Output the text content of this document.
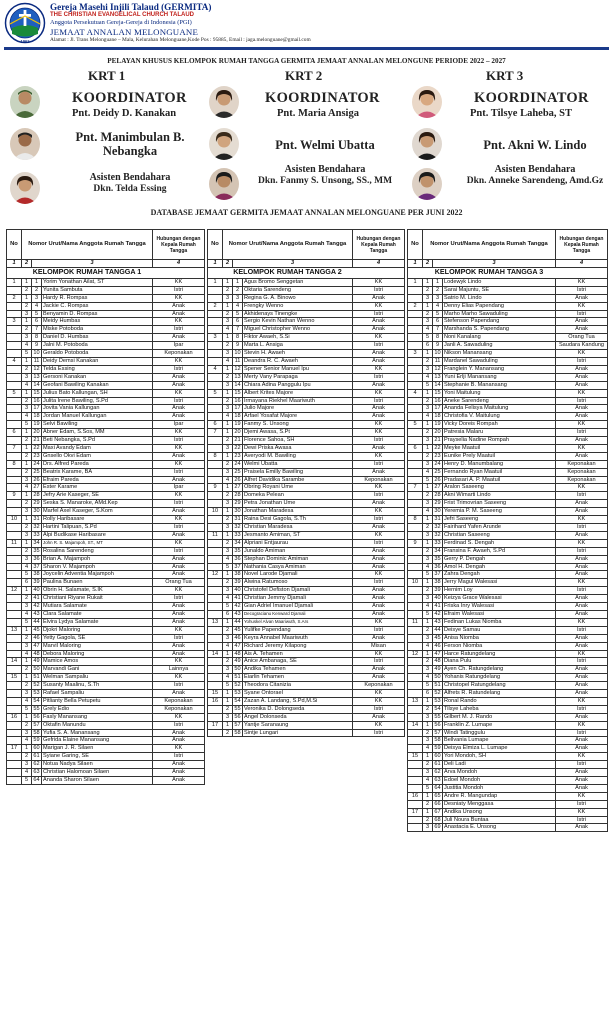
1962
Gereja Masehi Injili Talaud (GERMITA)
THE CHRISTIAN EVANGELICAL CHURCH TALAUD
Anggota Persekutuan Gereja-Gereja di Indonesia (PGI)
JEMAAT ANNALAN MELONGUANE
Alamat : Jl. Trans Melonguane – Mala, Kelurahan Melonguane,Kode Pos : 95885, Email : jaga.melonguane@gmail.com
PELAYAN KHUSUS KELOMPOK RUMAH TANGGA GERMITA JEMAAT ANNALAN MELONGUNE PERIODE 2022 – 2027
KRT 1
KOORDINATOR
Pnt. Deidy D. Kanakan
Pnt. Manimbulan B. Nebangka
Asisten Bendahara
Dkn. Telda Essing
KRT 2
KOORDINATOR
Pnt. Maria Ansiga
Pnt. Welmi Ubatta
Asisten Bendahara
Dkn. Fanmy S. Unsong, SS., MM
KRT 3
KOORDINATOR
Pnt. Tilsye Laheba, ST
Pnt. Akni W. Lindo
Asisten Bendahara
Dkn. Anneke Sarendeng, Amd.Gz
DATABASE JEMAAT GERMITA JEMAAT ANNALAN MELONGUANE PER JUNI 2022
No	Nomor Urut/Nama Anggota Rumah Tangga			Hubungan dengan Kepala Rumah Tangga
1	2	3		4
	KELOMPOK RUMAH TANGGA 1			
1	1	1	Yorim Yonathan Ailat, ST	KK
	2	2	Yunita Sambuta	Istri
2	1	3	Hardy R. Rompas	KK
	2	4	Jackie C. Rompas	Anak
	3	5	Benyamin D. Rompas	Anak
3	1	6	Meidy Humbas	KK
	2	7	Miske Potoboda	Istri
	3	8	Daniel D. Humbas	Anak
	4	9	Jalni M. Potoboda	Ipar
	5	10	Geraldo Potoboda	Keponakan
4	1	11	Deidy Demsi Kanakan	KK
	2	12	Telda Essing	Istri
	3	13	Gersoni Kanakan	Anak
	4	14	Geofani Bawiling Kanakan	Anak
5	1	15	Julius Bato Kallungan, SH	KK
	2	16	Julita Irene Bawiling, S.Pd	Istri
	3	17	Jovita Vania Kallungan	Anak
	4	18	Jordan Manuel Kallungan	Anak
	5	19	Selvi Bawiling	Ipar
6	1	20	Abner Edam, S.Sos, MM	KK
	2	21	Beti Nebangka, S.Pd	Istri
7	1	22	Maxi Avandy Edam	KK
	2	23	Gnsello Okvi Edam	Anak
8	1	24	Drs. Alfred Pareda	KK
	2	25	Beatrix Karame, BA	Istri
	3	26	Efraim Pareda	Anak
	4	27	Ester Karame	Ipar
9	1	28	Jefry Arie Kaseger, SE	KK
	2	29	Seska S. Manaroke, AMd.Kep	Istri
	3	30	Marfel Axel Kaseger, S.Kom	Anak
10	1	31	Rolly Haribasare	KK
	2	32	Hartini Talipuan, S.Pd	Istri
	3	33	Alpi Budikase Haribasare	Anak
11	1	34	John R. S. Majampoh, ST., MT	KK
	2	35	Rosalina Sarendeng	Istri
	3	36	Brian A. Majampoh	Anak
	4	37	Sharon V. Majampoh	Anak
	5	38	Joycelin Adventia Majampoh	Anak
	6	39	Paulina Bunaen	Orang Tua
12	1	40	Obrin H. Salamate, S.IK	KK
	2	41	Christiani Riyane Rukait	Istri
	3	42	Mutiara Salamate	Anak
	4	43	Clara Salamate	Anak
	5	44	Elvira Lydya Salamate	Anak
13	1	45	Djokri Maloring	KK
	2	46	Yetty Gagola, SE	Istri
	3	47	Marvil Maloring	Anak
	4	48	Debora Maloring	Anak
14	1	49	Mamice Amos	KK
	2	50	Marvandi Gani	Lainnya
15	1	51	Welman Sampaliu	KK
	2	52	Susanty Maalinu, S.Th	Istri
	3	53	Rafael Sampaliu	Anak
	4	54	Pitlianty Bella Petupetu	Keponakan
	5	55	Grely Edio	Keponakan
16	1	56	Fasly Manansang	KK
	2	57	Oktafin Manundu	Istri
	3	58	Yufia S. A. Manansang	Anak
	4	59	Gefrida Elaine Manansang	Anak
17	1	60	Marigan J. R. Silaen	KK
	2	61	Syiane Garing, SE	Istri
	3	62	Notua Nadya Silaen	Anak
	4	63	Christian Halomoan Silaen	Anak
	5	64	Ananda Sharon Silaen	Anak
No	Nomor Urut/Nama Anggota Rumah Tangga			Hubungan dengan Kepala Rumah Tangga
1	2	3		4
	KELOMPOK RUMAH TANGGA 2			
1	1	1	Agus Bromo Senggetan	KK
	2	2	Oktaria Sarendeng	Istri
	3	3	Regina G. A. Binowo	Anak
2	1	4	Frengky Wenno	KK
	2	5	Akhidenays Tinengke	Istri
	3	6	Sergio Kevin Nathan Wenno	Anak
	4	7	Miguel Christopher Wenno	Anak
3	1	8	Fiktor Awaeh, S.Si	KK
	2	9	Marta L. Ansiga	Istri
	3	10	Stevin H. Awaeh	Anak
	4	11	Deandra R. C. Awaeh	Anak
4	1	12	Spener Senior Manuel Ipu	KK
	2	13	Merty Vany Parapaga	Istri
	3	14	Chiara Adina Panggulu Ipu	Anak
5	1	15	Albert Krites Majore	KK
	2	16	Irmayana Riekhel Maariwuth	Istri
	3	17	Julio Majore	Anak
	4	18	Arfael Yosafat Majore	Anak
6	1	19	Fanmy S. Unsong	KK
7	1	20	Djemi Awasa, S.Pt	KK
	2	21	Florence Sahoa, SH	Istri
	3	22	Dewi Priska Awasa	Anak
8	1	23	Averyodi M. Bawiling	KK
	2	24	Welmi Ubatta	Istri
	3	25	Praisela Emilly Bawiling	Anak
	4	26	Alfret Davidika Sarambe	Keponakan
9	1	27	Obring Royani Ume	KK
	2	28	Domeka Pelean	Istri
	3	29	Petra Jonathan Ume	Anak
10	1	30	Jonathan Maradesa	KK
	2	31	Raina Desi Gagola, S.Th	Istri
	3	32	Christian Maradesa	Anak
11	1	33	Jesmanto Amiman, ST	KK
	2	34	Alpriani Entjaurau	Istri
	3	35	Junaldo Amiman	Anak
	4	36	Stephan Dominic Amiman	Anak
	5	37	Nathania Casya Amiman	Anak
12	1	38	Novel Larode Djamali	KK
	2	39	Alwina Ratumoso	Istri
	3	40	Christofel Defiston Djamali	Anak
	4	41	Christian Jemmy Djamali	Anak
	5	42	Gian Adriel Imanuel Djamali	Anak
	6	43	Decogracianu Kenward Djamali	Anak
13	1	44	Yohuskel Alvan Maariwuth, S.Ars	KK
	2	45	Yulifke Papendang	Istri
	3	46	Keyra Annabel Maariwuth	Anak
	4	47	Richard Jeremy Kilapong	Misan
14	1	48	Ais A. Tehamen	KK
	2	49	Anice Ambanaga, SE	Istri
	3	50	Andika Tehamen	Anak
	4	51	Eiarlin Tehamen	Anak
	5	52	Theodora Citanizia	Keponakan
15	1	53	Syane Ontorael	KK
16	1	54	Zazan A. Landang, S.Pd,M.Si	KK
	2	55	Veronika D. Dolongseda	Istri
	3	56	Angel Dolonseda	Anak
17	1	57	Yantje Saranaung	KK
	2	58	Sintje Lungari	Istri
No	Nomor Urut/Nama Anggota Rumah Tangga			Hubungan dengan Kepala Rumah Tangga
1	2	3		4
	KELOMPOK RUMAH TANGGA 3			
1	1	1	Lodewyk Lindo	KK
	2	2	Sarai Majuntu, SE	Istri
	3	3	Satrio M. Lindo	Anak
2	1	4	Denny Elias Papendang	KK
	2	5	Marho Marho Sawaduling	Istri
	3	6	Stefenson Papendang	Anak
	4	7	Marshanda S. Papendang	Anak
	5	8	Noni Kanalang	Orang Tua
	6	9	Janli A. Sawaduling	Saudara Kandung
3	1	10	Nikson Manansang	KK
	2	11	Mardanel Sawaduling	Istri
	3	12	Franglein Y. Manansang	Anak
	4	13	Yuni Erlji Manansang	Anak
	5	14	Stephanie B. Manansang	Anak
4	1	15	Yoni Maitulung	KK
	2	16	Aneke Sarendeng	Istri
	3	17	Ananda Felisya Maitulung	Anak
	4	18	Christofia V. Maitulung	Anak
5	1	19	Vicky Doreis Rompah	KK
	2	20	Patresia Malaru	Istri
	3	21	Prayselia Nadine Rompah	Anak
6	1	22	Meyke Maatuil	KK
	2	23	Eunike Prely Maatuil	Anak
	3	24	Henry D. Manumbalang	Keponakan
	4	25	Fernando Ryan Maatuil	Keponakan
	5	26	Pradasari A. P. Maatuil	Keponakan
7	1	27	Aralon Saseeng	KK
	2	28	Akni Wimarti Lindo	Istri
	3	29	Frist Trimovrian Saseeng	Anak
	4	30	Yeremia P. M. Saseeng	Anak
8	1	31	Jefri Saseeng	KK
	2	32	Fairihard Yafen Arunde	Istri
	3	32	Christian Saseeng	Anak
9	1	33	Ferdinad S. Dengah	KK
	2	34	Fransina F. Awaeh, S.Pd	Istri
	3	35	Gerry P. Dengah	Anak
	4	36	Amol H. Dengah	Anak
	5	37	Zahra Dengah	Anak
10	1	38	Jerry Magul Walesasi	KK
	2	39	Hernim Loy	Istri
	3	40	Keizya Grace Walesasi	Anak
	4	41	Friska Inry Walesasi	Anak
	5	42	Efraim Walesasi	Anak
11	1	43	Fedinan Lukas Niomba	KK
	2	44	Deisye Samau	Istri
	3	45	Anisa Niomba	Anak
	4	46	Ferson Niomba	Anak
12	1	47	Harce Ratungdelang	KK
	2	48	Diana Pulu	Istri
	3	49	Ayen Ch. Ratungdelang	Anak
	4	50	Yohanis Ratungdelang	Anak
	5	51	Christopel Ratungdelang	Anak
	6	52	Alfrets R. Ratundelang	Anak
13	1	53	Ronal Rando	KK
	2	54	Tilsye Laheba	Istri
	3	55	Gilbert M. J. Rando	Anak
14	1	56	Franklin Z. Lumape	KK
	2	57	Windi Tatinggulu	Istri
	3	58	Bellvania Lumape	Anak
	4	59	Deisya Elmiza L. Lumape	Anak
15	1	60	Yori Mondoh, SH	KK
	2	61	Deli Ladi	Istri
	3	62	Arva Mondoh	Anak
	4	63	Edoel Mondoh	Anak
	5	64	Justitia Mondoh	Anak
16	1	65	Andre R. Mangundap	KK
	2	66	Desniaty Menggasa	Istri
17	1	67	Andika Unsong	KK
	2	68	Juli Noura Buntaa	Istri
	3	69	Anastacia E. Unsong	Anak
